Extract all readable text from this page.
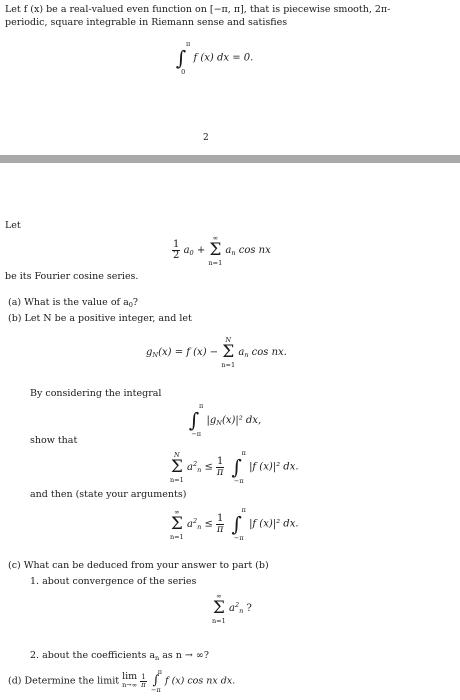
Let f (x) be a real-valued even function on [−π, π], that is piecewise smooth, 2π-
periodic, square integrable in Riemann sense and satisfies
π
∫
0
f (x) dx = 0.
2
Let
$\frac{1}{2} a_0$ +
∞
Σ
n=1
$a_n$ cos nx
be its Fourier cosine series.
(a) What is the value of $a_0$?
(b) Let N be a positive integer, and let
$g_N(x) = f$ (x) −
N
Σ
n=1
$a_n$ cos nx.
By considering the integral
π
∫
−π
$|g_N(x)|^2$ dx,
show that
N
Σ
n=1
$a^2_n \le \frac{1}{\pi}$

π
∫
−π
|f (x)|² dx.
and then (state your arguments)
∞
Σ
n=1
$a^2_n \le \frac{1}{\pi}$

π
∫
−π
|f (x)|² dx.
(c) What can be deduced from your answer to part (b)
1. about convergence of the series
∞
Σ
n=1
$a^2_n$ ?
2. about the coefficients $a_n$ as n → ∞?
(d) Determine the limit lim
n→∞
$\frac{1}{\pi}$

π
∫
−π
f (x) cos nx dx.
